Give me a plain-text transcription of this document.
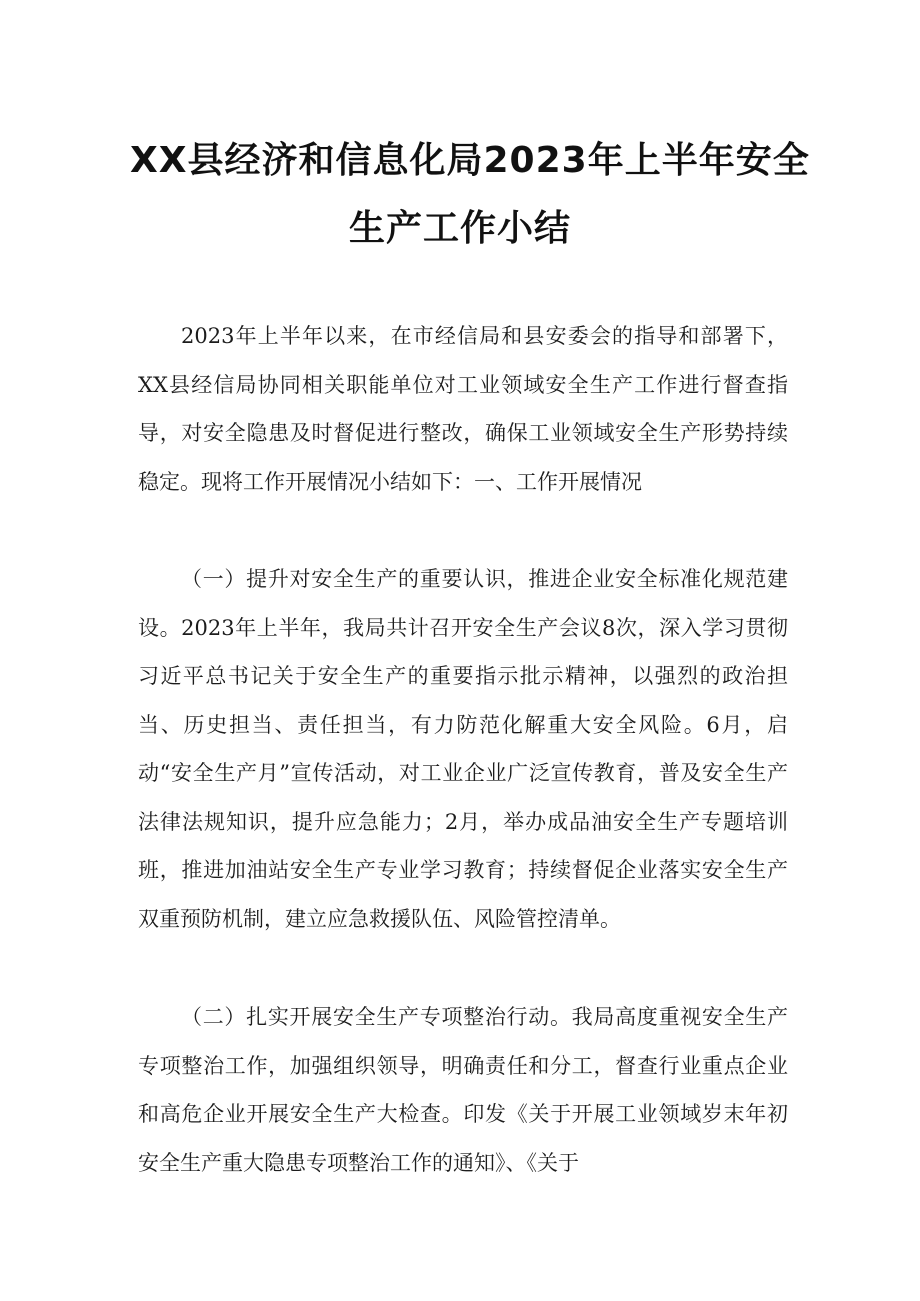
XX县经济和信息化局2023年上半年安全
生产工作小结

2023年上半年以来，在市经信局和县安委会的指导和部署下，XX县经信局协同相关职能单位对工业领域安全生产工作进行督查指导，对安全隐患及时督促进行整改，确保工业领域安全生产形势持续稳定。现将工作开展情况小结如下：一、工作开展情况

（一）提升对安全生产的重要认识，推进企业安全标准化规范建设。2023年上半年，我局共计召开安全生产会议8次，深入学习贯彻习近平总书记关于安全生产的重要指示批示精神，以强烈的政治担当、历史担当、责任担当，有力防范化解重大安全风险。6月，启动“安全生产月”宣传活动，对工业企业广泛宣传教育，普及安全生产法律法规知识，提升应急能力；2月，举办成品油安全生产专题培训班，推进加油站安全生产专业学习教育；持续督促企业落实安全生产双重预防机制，建立应急救援队伍、风险管控清单。

（二）扎实开展安全生产专项整治行动。我局高度重视安全生产专项整治工作，加强组织领导，明确责任和分工，督查行业重点企业和高危企业开展安全生产大检查。印发《关于开展工业领域岁末年初安全生产重大隐患专项整治工作的通知》、《关于
